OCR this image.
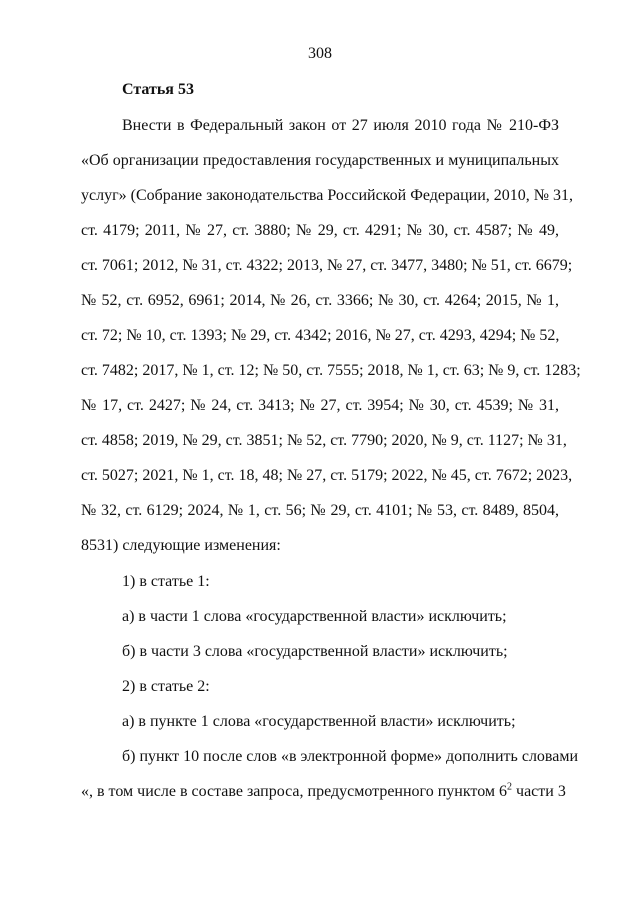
308
Статья 53
Внести в Федеральный закон от 27 июля 2010 года № 210-ФЗ
«Об организации предоставления государственных и муниципальных
услуг» (Собрание законодательства Российской Федерации, 2010, № 31,
ст. 4179; 2011, № 27, ст. 3880; № 29, ст. 4291; № 30, ст. 4587; № 49,
ст. 7061; 2012, № 31, ст. 4322; 2013, № 27, ст. 3477, 3480; № 51, ст. 6679;
№ 52, ст. 6952, 6961; 2014, № 26, ст. 3366; № 30, ст. 4264; 2015, № 1,
ст. 72; № 10, ст. 1393; № 29, ст. 4342; 2016, № 27, ст. 4293, 4294; № 52,
ст. 7482; 2017, № 1, ст. 12; № 50, ст. 7555; 2018, № 1, ст. 63; № 9, ст. 1283;
№ 17, ст. 2427; № 24, ст. 3413; № 27, ст. 3954; № 30, ст. 4539; № 31,
ст. 4858; 2019, № 29, ст. 3851; № 52, ст. 7790; 2020, № 9, ст. 1127; № 31,
ст. 5027; 2021, № 1, ст. 18, 48; № 27, ст. 5179; 2022, № 45, ст. 7672; 2023,
№ 32, ст. 6129; 2024, № 1, ст. 56; № 29, ст. 4101; № 53, ст. 8489, 8504,
8531) следующие изменения:
1) в статье 1:
а) в части 1 слова «государственной власти» исключить;
б) в части 3 слова «государственной власти» исключить;
2) в статье 2:
а) в пункте 1 слова «государственной власти» исключить;
б) пункт 10 после слов «в электронной форме» дополнить словами
«, в том числе в составе запроса, предусмотренного пунктом $6^2$ части 3
